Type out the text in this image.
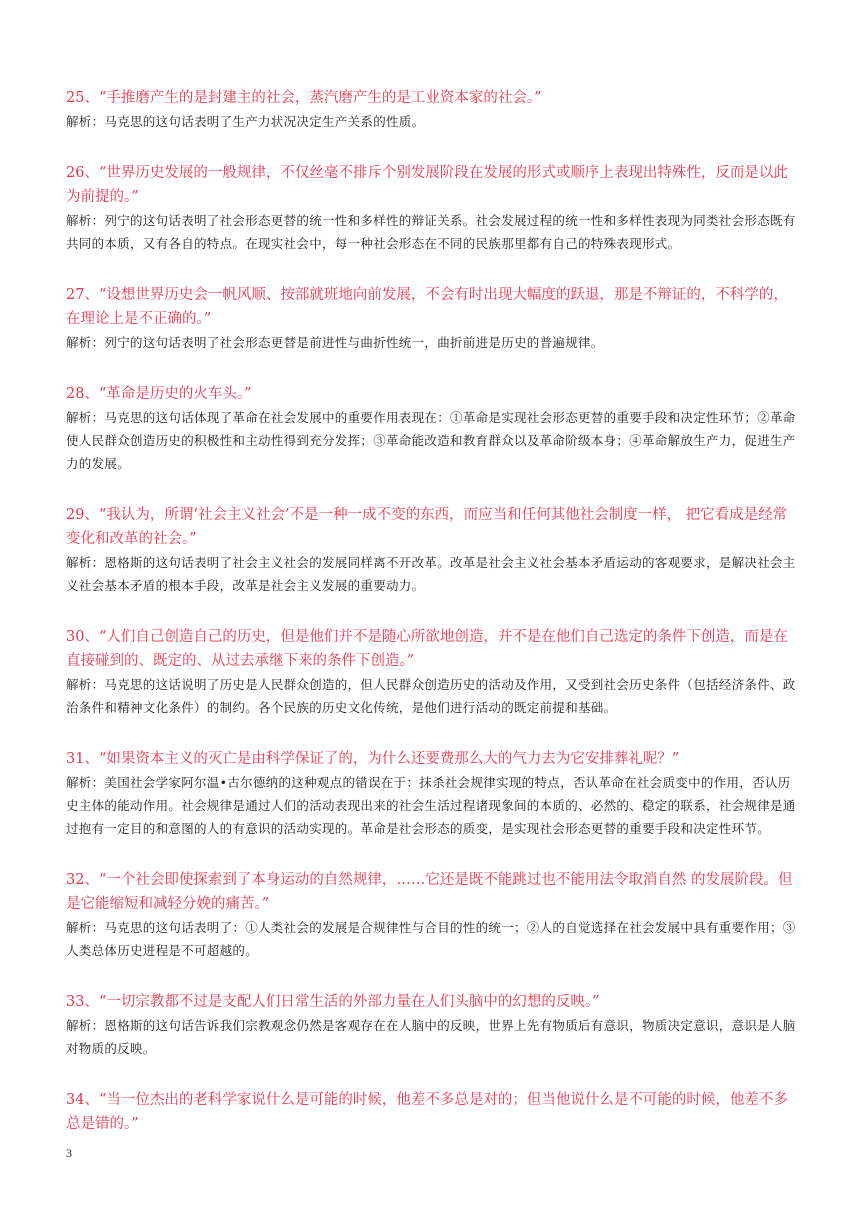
25、“手推磨产生的是封建主的社会，蒸汽磨产生的是工业资本家的社会。”

解析：马克思的这句话表明了生产力状况决定生产关系的性质。

26、“世界历史发展的一般规律，不仅丝毫不排斥个别发展阶段在发展的形式或顺序上表现出特殊性，反而是以此为前提的。”

解析：列宁的这句话表明了社会形态更替的统一性和多样性的辩证关系。社会发展过程的统一性和多样性表现为同类社会形态既有共同的本质，又有各自的特点。在现实社会中，每一种社会形态在不同的民族那里都有自己的特殊表现形式。

27、“设想世界历史会一帆风顺、按部就班地向前发展，不会有时出现大幅度的跃退，那是不辩证的，不科学的，在理论上是不正确的。”

解析：列宁的这句话表明了社会形态更替是前进性与曲折性统一，曲折前进是历史的普遍规律。

28、“革命是历史的火车头。”

解析：马克思的这句话体现了革命在社会发展中的重要作用表现在：①革命是实现社会形态更替的重要手段和决定性环节；②革命使人民群众创造历史的积极性和主动性得到充分发挥；③革命能改造和教育群众以及革命阶级本身；④革命解放生产力，促进生产力的发展。

29、“我认为，所谓‘社会主义社会’不是一种一成不变的东西，而应当和任何其他社会制度一样， 把它看成是经常变化和改革的社会。”

解析：恩格斯的这句话表明了社会主义社会的发展同样离不开改革。改革是社会主义社会基本矛盾运动的客观要求，是解决社会主义社会基本矛盾的根本手段，改革是社会主义发展的重要动力。

30、“人们自己创造自己的历史，但是他们并不是随心所欲地创造，并不是在他们自己选定的条件下创造，而是在直接碰到的、既定的、从过去承继下来的条件下创造。”

解析：马克思的这话说明了历史是人民群众创造的，但人民群众创造历史的活动及作用，又受到社会历史条件（包括经济条件、政治条件和精神文化条件）的制约。各个民族的历史文化传统，是他们进行活动的既定前提和基础。

31、“如果资本主义的灭亡是由科学保证了的，为什么还要费那么大的气力去为它安排葬礼呢？”

解析：美国社会学家阿尔温•古尔德纳的这种观点的错误在于：抹杀社会规律实现的特点，否认革命在社会质变中的作用，否认历史主体的能动作用。社会规律是通过人们的活动表现出来的社会生活过程诸现象间的本质的、必然的、稳定的联系，社会规律是通过抱有一定目的和意图的人的有意识的活动实现的。革命是社会形态的质变，是实现社会形态更替的重要手段和决定性环节。

32、“一个社会即使探索到了本身运动的自然规律，……它还是既不能跳过也不能用法令取消自然 的发展阶段。但是它能缩短和减轻分娩的痛苦。”

解析：马克思的这句话表明了：①人类社会的发展是合规律性与合目的性的统一；②人的自觉选择在社会发展中具有重要作用；③人类总体历史进程是不可超越的。

33、“一切宗教都不过是支配人们日常生活的外部力量在人们头脑中的幻想的反映。”

解析：恩格斯的这句话告诉我们宗教观念仍然是客观存在在人脑中的反映，世界上先有物质后有意识，物质决定意识，意识是人脑对物质的反映。

34、“当一位杰出的老科学家说什么是可能的时候，他差不多总是对的；但当他说什么是不可能的时候，他差不多总是错的。”

3
